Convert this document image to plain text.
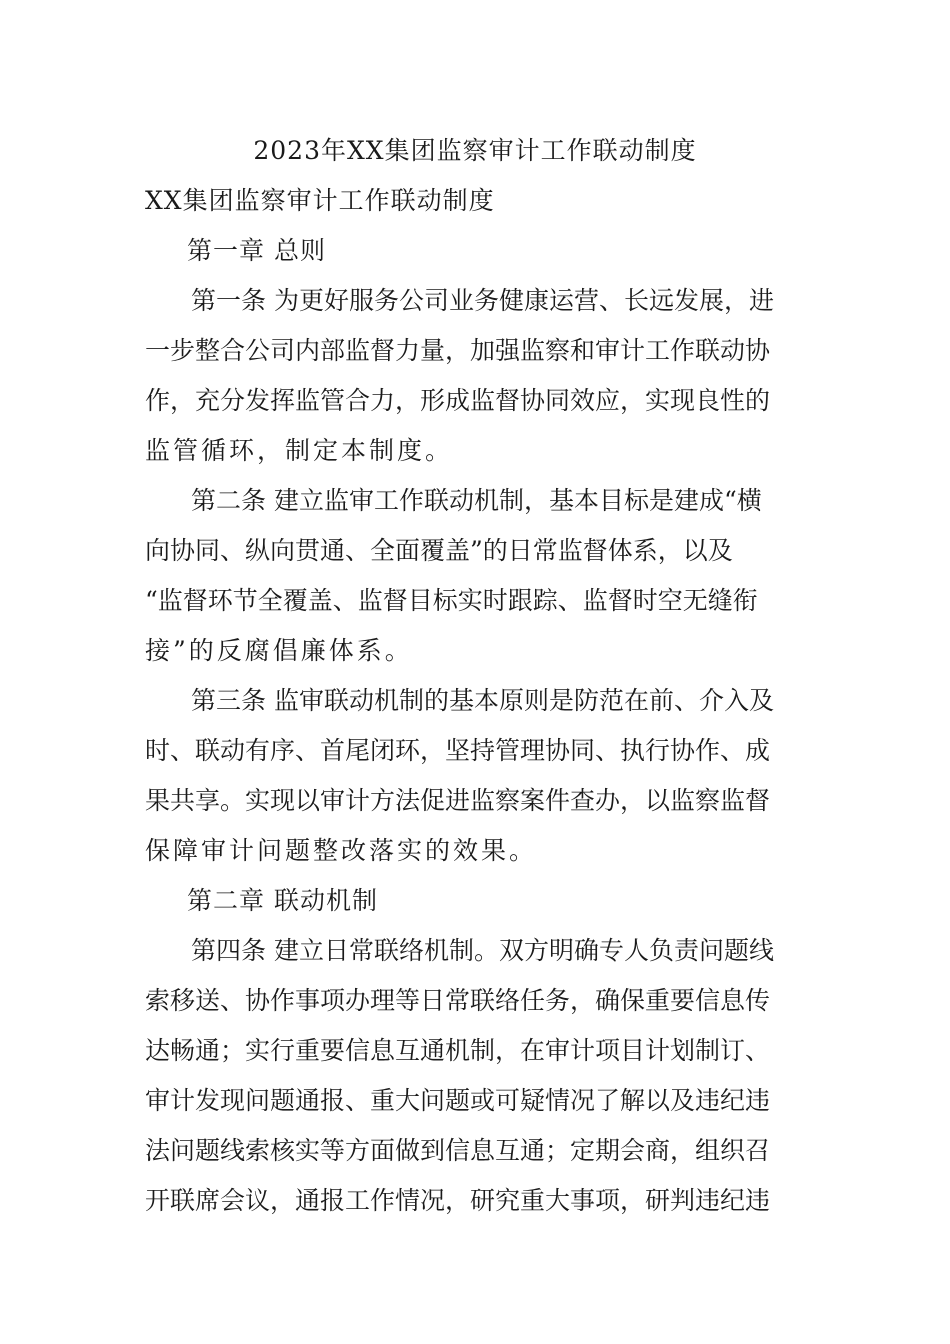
2023年XX集团监察审计工作联动制度
XX集团监察审计工作联动制度
第一章 总则
第一条 为更好服务公司业务健康运营、长远发展，进
一步整合公司内部监督力量，加强监察和审计工作联动协
作，充分发挥监管合力，形成监督协同效应，实现良性的
监管循环，制定本制度。
第二条 建立监审工作联动机制，基本目标是建成“横
向协同、纵向贯通、全面覆盖”的日常监督体系，以及
“监督环节全覆盖、监督目标实时跟踪、监督时空无缝衔
接”的反腐倡廉体系。
第三条 监审联动机制的基本原则是防范在前、介入及
时、联动有序、首尾闭环，坚持管理协同、执行协作、成
果共享。实现以审计方法促进监察案件查办，以监察监督
保障审计问题整改落实的效果。
第二章 联动机制
第四条 建立日常联络机制。双方明确专人负责问题线
索移送、协作事项办理等日常联络任务，确保重要信息传
达畅通；实行重要信息互通机制，在审计项目计划制订、
审计发现问题通报、重大问题或可疑情况了解以及违纪违
法问题线索核实等方面做到信息互通；定期会商，组织召
开联席会议，通报工作情况，研究重大事项，研判违纪违
